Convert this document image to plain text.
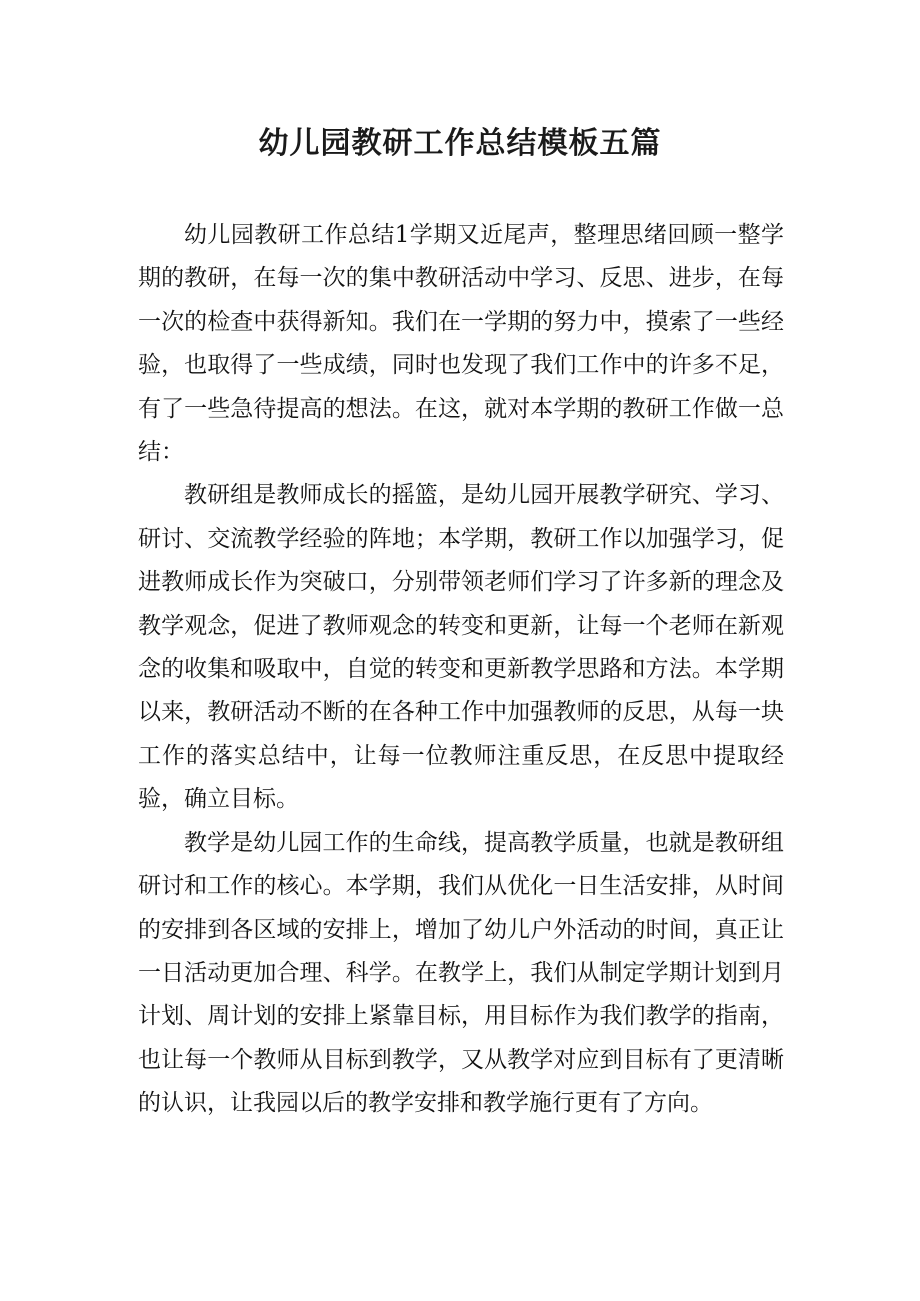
幼儿园教研工作总结模板五篇

幼儿园教研工作总结1学期又近尾声，整理思绪回顾一整学期的教研，在每一次的集中教研活动中学习、反思、进步，在每一次的检查中获得新知。我们在一学期的努力中，摸索了一些经验，也取得了一些成绩，同时也发现了我们工作中的许多不足，有了一些急待提高的想法。在这，就对本学期的教研工作做一总结：

教研组是教师成长的摇篮，是幼儿园开展教学研究、学习、研讨、交流教学经验的阵地；本学期，教研工作以加强学习，促进教师成长作为突破口，分别带领老师们学习了许多新的理念及教学观念，促进了教师观念的转变和更新，让每一个老师在新观念的收集和吸取中，自觉的转变和更新教学思路和方法。本学期以来，教研活动不断的在各种工作中加强教师的反思，从每一块工作的落实总结中，让每一位教师注重反思，在反思中提取经验，确立目标。

教学是幼儿园工作的生命线，提高教学质量，也就是教研组研讨和工作的核心。本学期，我们从优化一日生活安排，从时间的安排到各区域的安排上，增加了幼儿户外活动的时间，真正让一日活动更加合理、科学。在教学上，我们从制定学期计划到月计划、周计划的安排上紧靠目标，用目标作为我们教学的指南，也让每一个教师从目标到教学，又从教学对应到目标有了更清晰的认识，让我园以后的教学安排和教学施行更有了方向。
